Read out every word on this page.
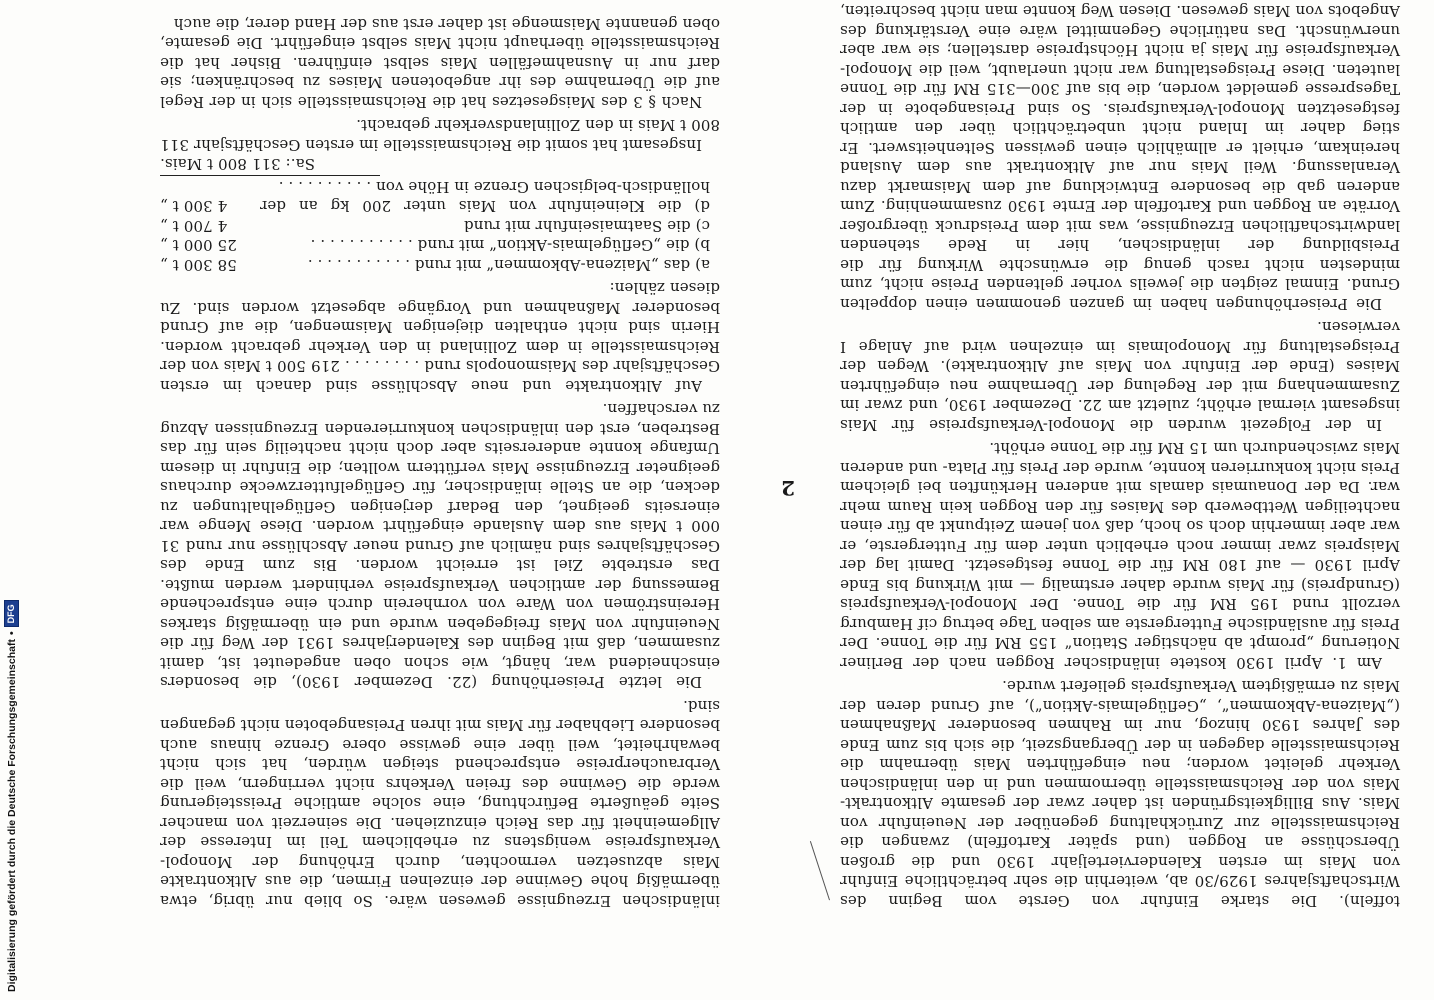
Digitalisierung gefördert durch die Deutsche Forschungsgemeinschaft
•
DFG
2

toffeln). Die starke Einfuhr von Gerste vom Beginn des Wirtschaftsjahres 1929/30 ab, weiterhin die sehr beträchtliche Einfuhr von Mais im ersten Kalendervierteljahr 1930 und die großen Überschüsse an Roggen (und später Kartoffeln) zwangen die Reichsmaisstelle zur Zurückhaltung gegenüber der Neueinfuhr von Mais. Aus Billigkeitsgründen ist daher zwar der gesamte Altkontrakt-Mais von der Reichsmaisstelle übernommen und in den inländischen Verkehr geleitet worden; neu eingeführten Mais übernahm die Reichsmaisstelle dagegen in der Übergangszeit, die sich bis zum Ende des Jahres 1930 hinzog, nur im Rahmen besonderer Maßnahmen („Maizena-Abkommen“, „Geflügelmais-Aktion“), auf Grund deren der Mais zu ermäßigtem Verkaufspreis geliefert wurde.

Am 1. April 1930 kostete inländischer Roggen nach der Berliner Notierung „prompt ab nächstiger Station“ 155 RM für die Tonne. Der Preis für ausländische Futtergerste am selben Tage betrug cif Hamburg verzollt rund 195 RM für die Tonne. Der Monopol-Verkaufspreis (Grundpreis) für Mais wurde daher erstmalig — mit Wirkung bis Ende April 1930 — auf 180 RM für die Tonne festgesetzt. Damit lag der Maispreis zwar immer noch erheblich unter dem für Futtergerste, er war aber immerhin doch so hoch, daß von jenem Zeitpunkt ab für einen nachteiligen Wettbewerb des Maises für den Roggen kein Raum mehr war. Da der Donaumais damals mit anderen Herkünften bei gleichem Preis nicht konkurrieren konnte, wurde der Preis für Plata- und anderen Mais zwischendurch um 15 RM für die Tonne erhöht.

In der Folgezeit wurden die Monopol-Verkaufspreise für Mais insgesamt viermal erhöht; zuletzt am 22. Dezember 1930, und zwar im Zusammenhang mit der Regelung der Übernahme neu eingeführten Maises (Ende der Einfuhr von Mais auf Altkontrakte). Wegen der Preisgestaltung für Monopolmais im einzelnen wird auf Anlage I verwiesen.

Die Preiserhöhungen haben im ganzen genommen einen doppelten Grund. Einmal zeigten die jeweils vorher geltenden Preise nicht, zum mindesten nicht rasch genug die erwünschte Wirkung für die Preisbildung der inländischen, hier in Rede stehenden landwirtschaftlichen Erzeugnisse, was mit dem Preisdruck übergroßer Vorräte an Roggen und Kartoffeln der Ernte 1930 zusammenhing. Zum anderen gab die besondere Entwicklung auf dem Maismarkt dazu Veranlassung. Weil Mais nur auf Altkontrakt aus dem Ausland hereinkam, erhielt er allmählich einen gewissen Seltenheitswert. Er stieg daher im Inland nicht unbeträchtlich über den amtlich festgesetzten Monopol-Verkaufspreis. So sind Preisangebote in der Tagespresse gemeldet worden, die bis auf 300—315 RM für die Tonne lauteten. Diese Preisgestaltung war nicht unerlaubt, weil die Monopol-Verkaufspreise für Mais ja nicht Höchstpreise darstellen; sie war aber unerwünscht. Das natürliche Gegenmittel wäre eine Verstärkung des Angebots von Mais gewesen. Diesen Weg konnte man nicht beschreiten,

inländischen Erzeugnisse gewesen wäre. So blieb nur übrig, etwa übermäßig hohe Gewinne der einzelnen Firmen, die aus Altkontrakte Mais abzusetzen vermochten, durch Erhöhung der Monopol-Verkaufspreise wenigstens zu erheblichem Teil im Interesse der Allgemeinheit für das Reich einzuziehen. Die seinerzeit von mancher Seite geäußerte Befürchtung, eine solche amtliche Preissteigerung werde die Gewinne des freien Verkehrs nicht verringern, weil die Verbraucherpreise entsprechend steigen würden, hat sich nicht bewahrheitet, weil über eine gewisse obere Grenze hinaus auch besondere Liebhaber für Mais mit ihren Preisangeboten nicht gegangen sind.

Die letzte Preiserhöhung (22. Dezember 1930), die besonders einschneidend war, hängt, wie schon oben angedeutet ist, damit zusammen, daß mit Beginn des Kalenderjahres 1931 der Weg für die Neueinfuhr von Mais freigegeben wurde und ein übermäßig starkes Hereinströmen von Ware von vornherein durch eine entsprechende Bemessung der amtlichen Verkaufspreise verhindert werden mußte. Das erstrebte Ziel ist erreicht worden. Bis zum Ende des Geschäftsjahres sind nämlich auf Grund neuer Abschlüsse nur rund 31 000 t Mais aus dem Auslande eingeführt worden. Diese Menge war einerseits geeignet, den Bedarf derjenigen Geflügelhaltungen zu decken, die an Stelle inländischer, für Geflügelfutterzwecke durchaus geeigneter Erzeugnisse Mais verfüttern wollten; die Einfuhr in diesem Umfange konnte andererseits aber doch nicht nachteilig sein für das Bestreben, erst den inländischen konkurrierenden Erzeugnissen Abzug zu verschaffen.

Auf Altkontrakte und neue Abschlüsse sind danach im ersten Geschäftsjahr des Maismonopols rund . . . . . . . . 219 500 t Mais von der Reichsmaisstelle in dem Zollinland in den Verkehr gebracht worden. Hierin sind nicht enthalten diejenigen Maismengen, die auf Grund besonderer Maßnahmen und Vorgänge abgesetzt worden sind. Zu diesen zählen:

a) das „Maizena-Abkommen“ mit rund . . . . . . . . . . .
58 300 t „
b) die „Geflügelmais-Aktion“ mit rund . . . . . . . . . . .
25 000 t „
c) die Saatmaiseinfuhr mit rund
4 700 t „
d) die Kleineinfuhr von Mais unter 200 kg an der holländisch-belgischen Grenze in Höhe von . . . . . . . . . .
4 300 t „
Sa.: 311 800 t Mais.

Insgesamt hat somit die Reichsmaisstelle im ersten Geschäftsjahr 311 800 t Mais in den Zollinlandsverkehr gebracht.

Nach § 3 des Maisgesetzes hat die Reichsmaisstelle sich in der Regel auf die Übernahme des ihr angebotenen Maises zu beschränken; sie darf nur in Ausnahmefällen Mais selbst einführen. Bisher hat die Reichsmaisstelle überhaupt nicht Mais selbst eingeführt. Die gesamte, oben genannte Maismenge ist daher erst aus der Hand derer, die auch
